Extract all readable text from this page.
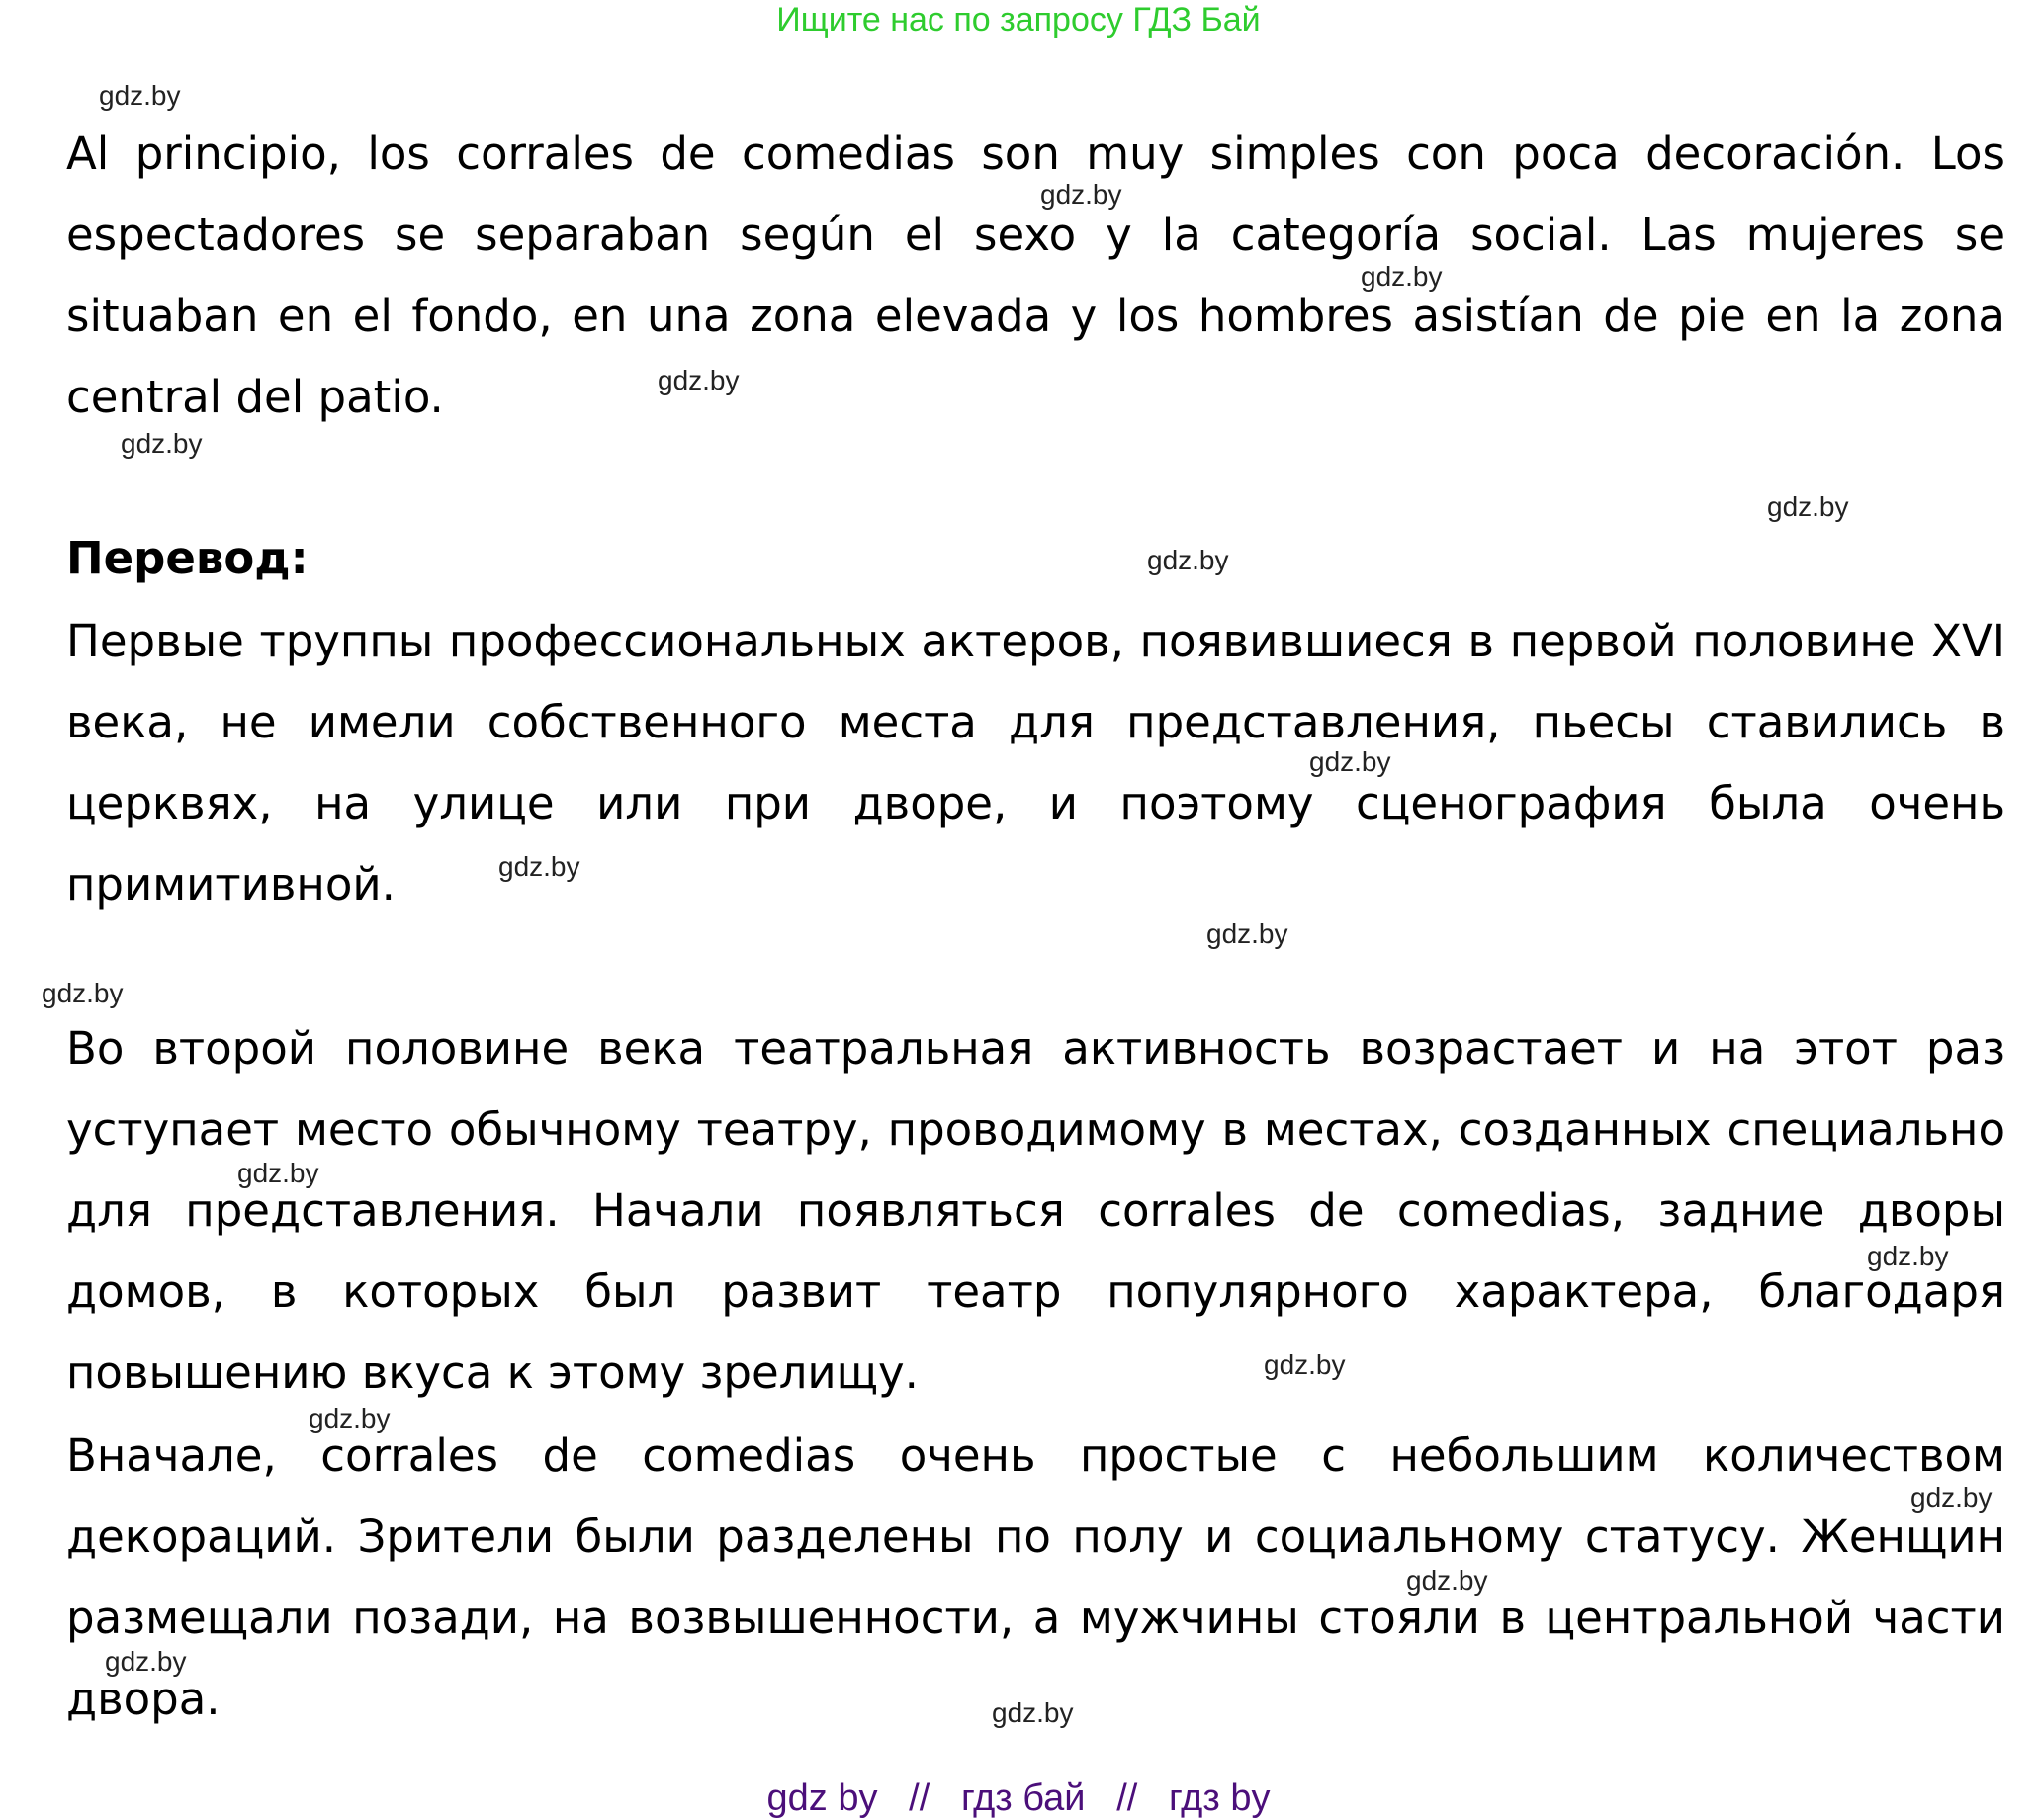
Ищите нас по запросу ГДЗ Бай
gdz.by

Al principio, los corrales de comedias son muy simples con poca decoración. Los espectadores se separaban según el sexo y la categoría social. Las mujeres se situaban en el fondo, en una zona elevada y los hombres asistían de pie en la zona central del patio.

gdz.by
gdz.by
gdz.by
gdz.by
gdz.by
Перевод:	gdz.by

Первые труппы профессиональных актеров, появившиеся в первой половине XVI века, не имели собственного места для представления, пьесы ставились в церквях, на улице или при дворе, и поэтому сценография была очень примитивной.

gdz.by
gdz.by
gdz.by
gdz.by

Во второй половине века театральная активность возрастает и на этот раз уступает место обычному театру, проводимому в местах, созданных специально для представления. Начали появляться corrales de comedias, задние дворы домов, в которых был развит театр популярного характера, благодаря повышению вкуса к этому зрелищу.

gdz.by
gdz.by
gdz.by
gdz.by

Вначале, corrales de comedias очень простые с небольшим количеством декораций. Зрители были разделены по полу и социальному статусу. Женщин размещали позади, на возвышенности, а мужчины стояли в центральной части двора.

gdz.by
gdz.by
gdz.by
gdz.by
gdz by // гдз бай // гдз by
